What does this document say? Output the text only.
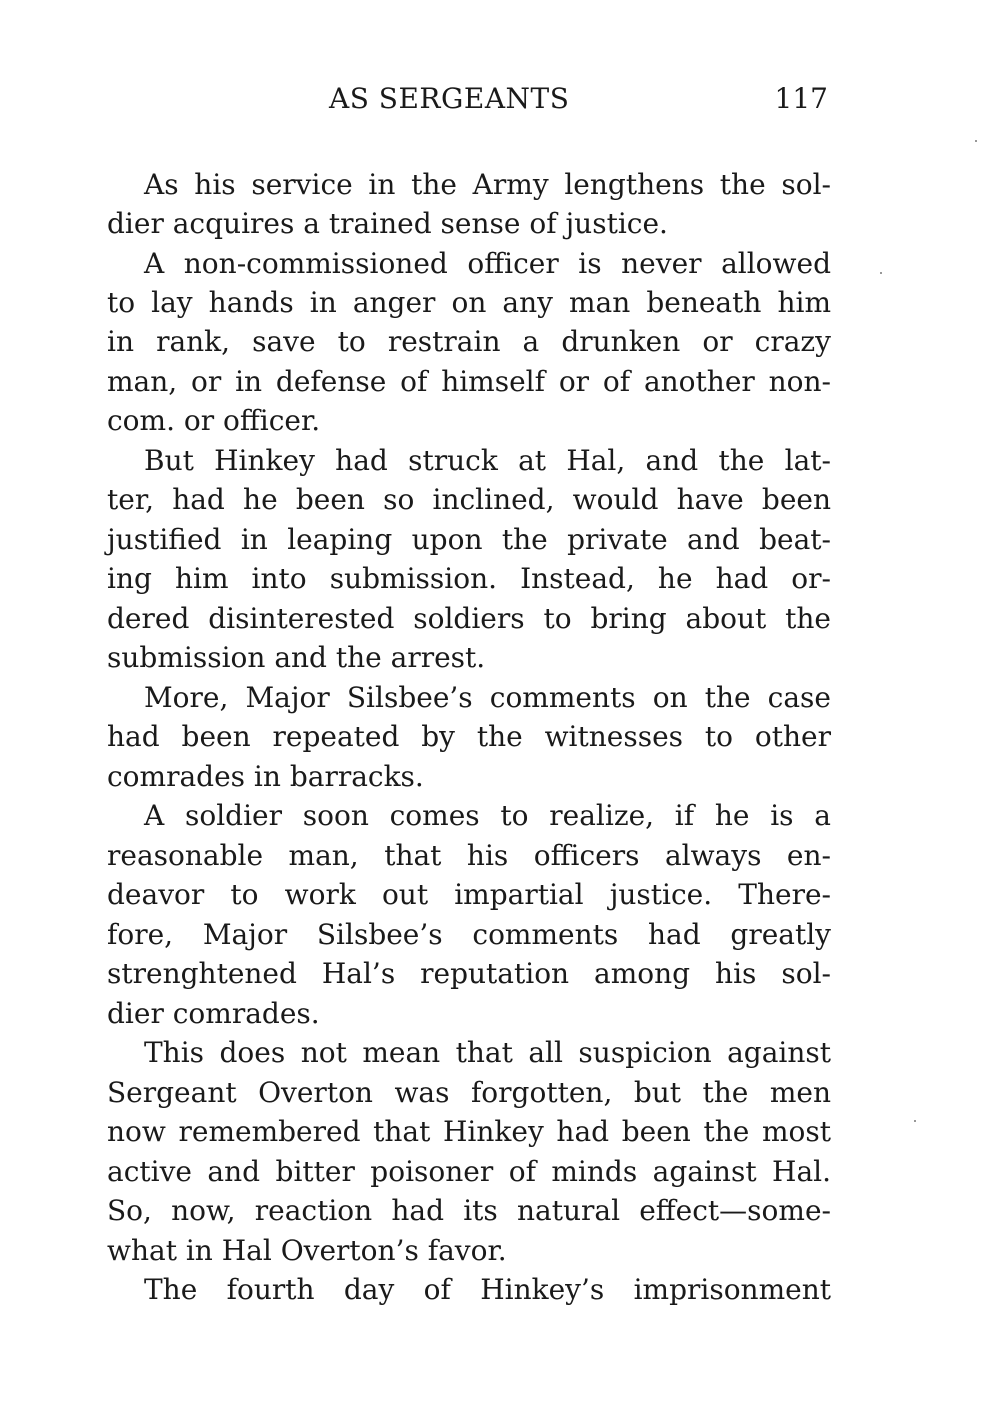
AS SERGEANTS	117
As his service in the Army lengthens the sol-
dier acquires a trained sense of justice.
A non-commissioned officer is never allowed
to lay hands in anger on any man beneath him
in rank, save to restrain a drunken or crazy
man, or in defense of himself or of another non-
com. or officer.
But Hinkey had struck at Hal, and the lat-
ter, had he been so inclined, would have been
justified in leaping upon the private and beat-
ing him into submission. Instead, he had or-
dered disinterested soldiers to bring about the
submission and the arrest.
More, Major Silsbee’s comments on the case
had been repeated by the witnesses to other
comrades in barracks.
A soldier soon comes to realize, if he is a
reasonable man, that his officers always en-
deavor to work out impartial justice. There-
fore, Major Silsbee’s comments had greatly
strenghtened Hal’s reputation among his sol-
dier comrades.
This does not mean that all suspicion against
Sergeant Overton was forgotten, but the men
now remembered that Hinkey had been the most
active and bitter poisoner of minds against Hal.
So, now, reaction had its natural effect—some-
what in Hal Overton’s favor.
The fourth day of Hinkey’s imprisonment
